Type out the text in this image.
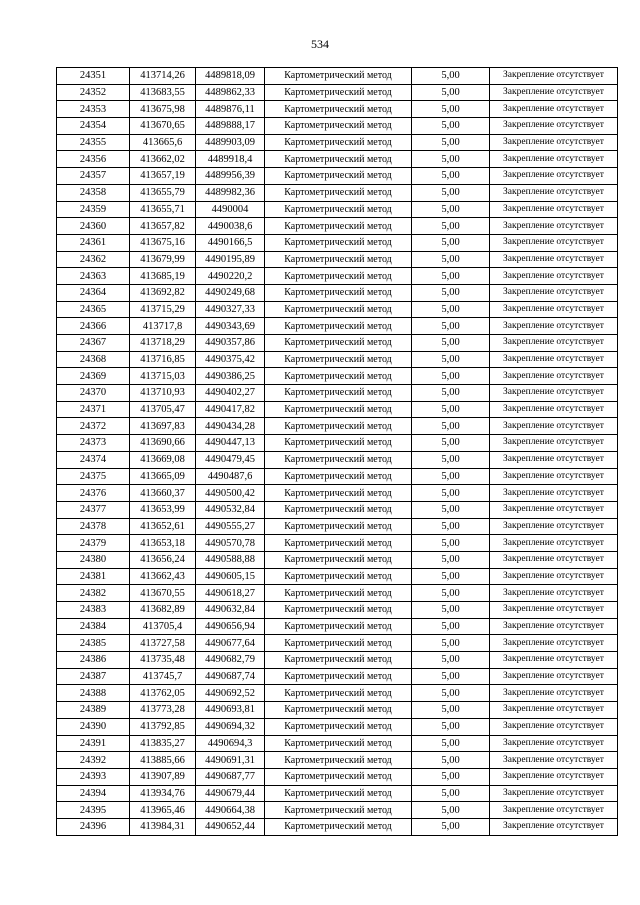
534
24351	413714,26	4489818,09	Картометрический метод	5,00	Закрепление отсутствует
24352	413683,55	4489862,33	Картометрический метод	5,00	Закрепление отсутствует
24353	413675,98	4489876,11	Картометрический метод	5,00	Закрепление отсутствует
24354	413670,65	4489888,17	Картометрический метод	5,00	Закрепление отсутствует
24355	413665,6	4489903,09	Картометрический метод	5,00	Закрепление отсутствует
24356	413662,02	4489918,4	Картометрический метод	5,00	Закрепление отсутствует
24357	413657,19	4489956,39	Картометрический метод	5,00	Закрепление отсутствует
24358	413655,79	4489982,36	Картометрический метод	5,00	Закрепление отсутствует
24359	413655,71	4490004	Картометрический метод	5,00	Закрепление отсутствует
24360	413657,82	4490038,6	Картометрический метод	5,00	Закрепление отсутствует
24361	413675,16	4490166,5	Картометрический метод	5,00	Закрепление отсутствует
24362	413679,99	4490195,89	Картометрический метод	5,00	Закрепление отсутствует
24363	413685,19	4490220,2	Картометрический метод	5,00	Закрепление отсутствует
24364	413692,82	4490249,68	Картометрический метод	5,00	Закрепление отсутствует
24365	413715,29	4490327,33	Картометрический метод	5,00	Закрепление отсутствует
24366	413717,8	4490343,69	Картометрический метод	5,00	Закрепление отсутствует
24367	413718,29	4490357,86	Картометрический метод	5,00	Закрепление отсутствует
24368	413716,85	4490375,42	Картометрический метод	5,00	Закрепление отсутствует
24369	413715,03	4490386,25	Картометрический метод	5,00	Закрепление отсутствует
24370	413710,93	4490402,27	Картометрический метод	5,00	Закрепление отсутствует
24371	413705,47	4490417,82	Картометрический метод	5,00	Закрепление отсутствует
24372	413697,83	4490434,28	Картометрический метод	5,00	Закрепление отсутствует
24373	413690,66	4490447,13	Картометрический метод	5,00	Закрепление отсутствует
24374	413669,08	4490479,45	Картометрический метод	5,00	Закрепление отсутствует
24375	413665,09	4490487,6	Картометрический метод	5,00	Закрепление отсутствует
24376	413660,37	4490500,42	Картометрический метод	5,00	Закрепление отсутствует
24377	413653,99	4490532,84	Картометрический метод	5,00	Закрепление отсутствует
24378	413652,61	4490555,27	Картометрический метод	5,00	Закрепление отсутствует
24379	413653,18	4490570,78	Картометрический метод	5,00	Закрепление отсутствует
24380	413656,24	4490588,88	Картометрический метод	5,00	Закрепление отсутствует
24381	413662,43	4490605,15	Картометрический метод	5,00	Закрепление отсутствует
24382	413670,55	4490618,27	Картометрический метод	5,00	Закрепление отсутствует
24383	413682,89	4490632,84	Картометрический метод	5,00	Закрепление отсутствует
24384	413705,4	4490656,94	Картометрический метод	5,00	Закрепление отсутствует
24385	413727,58	4490677,64	Картометрический метод	5,00	Закрепление отсутствует
24386	413735,48	4490682,79	Картометрический метод	5,00	Закрепление отсутствует
24387	413745,7	4490687,74	Картометрический метод	5,00	Закрепление отсутствует
24388	413762,05	4490692,52	Картометрический метод	5,00	Закрепление отсутствует
24389	413773,28	4490693,81	Картометрический метод	5,00	Закрепление отсутствует
24390	413792,85	4490694,32	Картометрический метод	5,00	Закрепление отсутствует
24391	413835,27	4490694,3	Картометрический метод	5,00	Закрепление отсутствует
24392	413885,66	4490691,31	Картометрический метод	5,00	Закрепление отсутствует
24393	413907,89	4490687,77	Картометрический метод	5,00	Закрепление отсутствует
24394	413934,76	4490679,44	Картометрический метод	5,00	Закрепление отсутствует
24395	413965,46	4490664,38	Картометрический метод	5,00	Закрепление отсутствует
24396	413984,31	4490652,44	Картометрический метод	5,00	Закрепление отсутствует
